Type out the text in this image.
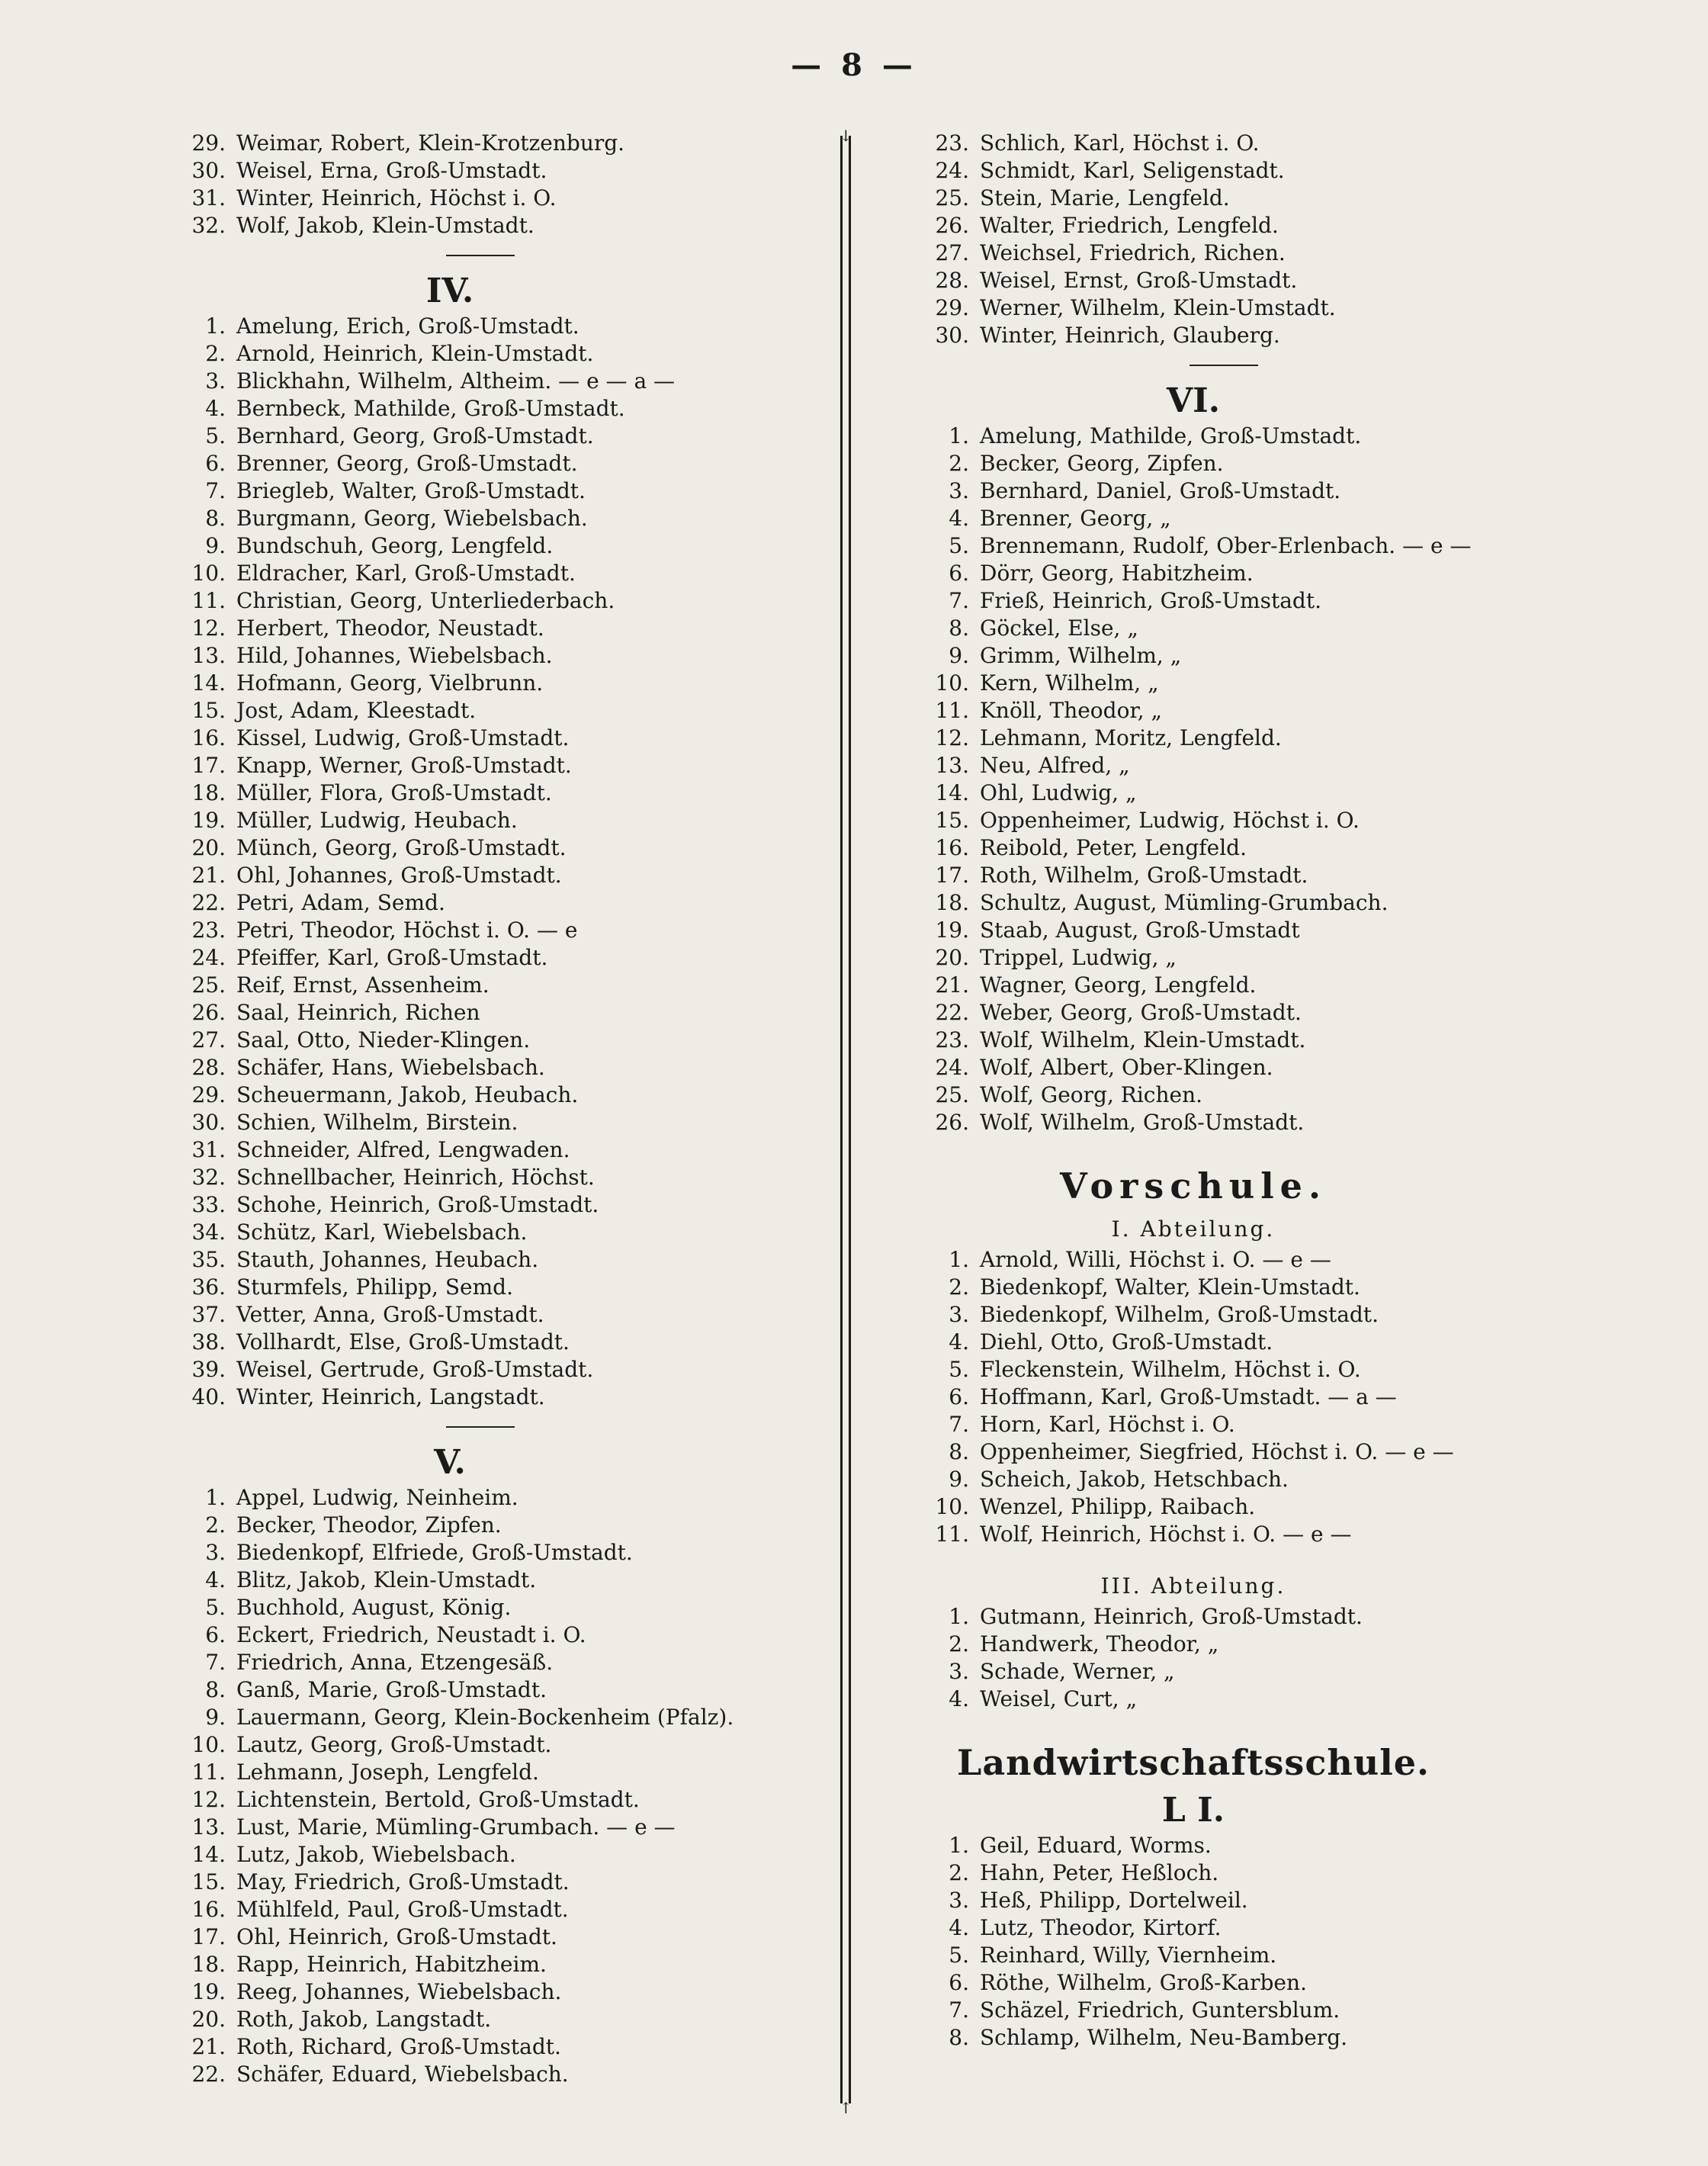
— 8 —
↓
↑
29. Weimar, Robert, Klein-Krotzenburg.
30. Weisel, Erna, Groß-Umstadt.
31. Winter, Heinrich, Höchst i. O.
32. Wolf, Jakob, Klein-Umstadt.
IV.
1. Amelung, Erich, Groß-Umstadt.
2. Arnold, Heinrich, Klein-Umstadt.
3. Blickhahn, Wilhelm, Altheim. — e — a —
4. Bernbeck, Mathilde, Groß-Umstadt.
5. Bernhard, Georg, Groß-Umstadt.
6. Brenner, Georg, Groß-Umstadt.
7. Briegleb, Walter, Groß-Umstadt.
8. Burgmann, Georg, Wiebelsbach.
9. Bundschuh, Georg, Lengfeld.
10. Eldracher, Karl, Groß-Umstadt.
11. Christian, Georg, Unterliederbach.
12. Herbert, Theodor, Neustadt.
13. Hild, Johannes, Wiebelsbach.
14. Hofmann, Georg, Vielbrunn.
15. Jost, Adam, Kleestadt.
16. Kissel, Ludwig, Groß-Umstadt.
17. Knapp, Werner, Groß-Umstadt.
18. Müller, Flora, Groß-Umstadt.
19. Müller, Ludwig, Heubach.
20. Münch, Georg, Groß-Umstadt.
21. Ohl, Johannes, Groß-Umstadt.
22. Petri, Adam, Semd.
23. Petri, Theodor, Höchst i. O. — e
24. Pfeiffer, Karl, Groß-Umstadt.
25. Reif, Ernst, Assenheim.
26. Saal, Heinrich, Richen
27. Saal, Otto, Nieder-Klingen.
28. Schäfer, Hans, Wiebelsbach.
29. Scheuermann, Jakob, Heubach.
30. Schien, Wilhelm, Birstein.
31. Schneider, Alfred, Lengwaden.
32. Schnellbacher, Heinrich, Höchst.
33. Schohe, Heinrich, Groß-Umstadt.
34. Schütz, Karl, Wiebelsbach.
35. Stauth, Johannes, Heubach.
36. Sturmfels, Philipp, Semd.
37. Vetter, Anna, Groß-Umstadt.
38. Vollhardt, Else, Groß-Umstadt.
39. Weisel, Gertrude, Groß-Umstadt.
40. Winter, Heinrich, Langstadt.
V.
1. Appel, Ludwig, Neinheim.
2. Becker, Theodor, Zipfen.
3. Biedenkopf, Elfriede, Groß-Umstadt.
4. Blitz, Jakob, Klein-Umstadt.
5. Buchhold, August, König.
6. Eckert, Friedrich, Neustadt i. O.
7. Friedrich, Anna, Etzengesäß.
8. Ganß, Marie, Groß-Umstadt.
9. Lauermann, Georg, Klein-Bockenheim (Pfalz).
10. Lautz, Georg, Groß-Umstadt.
11. Lehmann, Joseph, Lengfeld.
12. Lichtenstein, Bertold, Groß-Umstadt.
13. Lust, Marie, Mümling-Grumbach. — e —
14. Lutz, Jakob, Wiebelsbach.
15. May, Friedrich, Groß-Umstadt.
16. Mühlfeld, Paul, Groß-Umstadt.
17. Ohl, Heinrich, Groß-Umstadt.
18. Rapp, Heinrich, Habitzheim.
19. Reeg, Johannes, Wiebelsbach.
20. Roth, Jakob, Langstadt.
21. Roth, Richard, Groß-Umstadt.
22. Schäfer, Eduard, Wiebelsbach.
23. Schlich, Karl, Höchst i. O.
24. Schmidt, Karl, Seligenstadt.
25. Stein, Marie, Lengfeld.
26. Walter, Friedrich, Lengfeld.
27. Weichsel, Friedrich, Richen.
28. Weisel, Ernst, Groß-Umstadt.
29. Werner, Wilhelm, Klein-Umstadt.
30. Winter, Heinrich, Glauberg.
VI.
1. Amelung, Mathilde, Groß-Umstadt.
2. Becker, Georg, Zipfen.
3. Bernhard, Daniel, Groß-Umstadt.
4. Brenner, Georg, „
5. Brennemann, Rudolf, Ober-Erlenbach. — e —
6. Dörr, Georg, Habitzheim.
7. Frieß, Heinrich, Groß-Umstadt.
8. Göckel, Else, „
9. Grimm, Wilhelm, „
10. Kern, Wilhelm, „
11. Knöll, Theodor, „
12. Lehmann, Moritz, Lengfeld.
13. Neu, Alfred, „
14. Ohl, Ludwig, „
15. Oppenheimer, Ludwig, Höchst i. O.
16. Reibold, Peter, Lengfeld.
17. Roth, Wilhelm, Groß-Umstadt.
18. Schultz, August, Mümling-Grumbach.
19. Staab, August, Groß-Umstadt
20. Trippel, Ludwig, „
21. Wagner, Georg, Lengfeld.
22. Weber, Georg, Groß-Umstadt.
23. Wolf, Wilhelm, Klein-Umstadt.
24. Wolf, Albert, Ober-Klingen.
25. Wolf, Georg, Richen.
26. Wolf, Wilhelm, Groß-Umstadt.
Vorschule.
I. Abteilung.
1. Arnold, Willi, Höchst i. O. — e —
2. Biedenkopf, Walter, Klein-Umstadt.
3. Biedenkopf, Wilhelm, Groß-Umstadt.
4. Diehl, Otto, Groß-Umstadt.
5. Fleckenstein, Wilhelm, Höchst i. O.
6. Hoffmann, Karl, Groß-Umstadt. — a —
7. Horn, Karl, Höchst i. O.
8. Oppenheimer, Siegfried, Höchst i. O. — e —
9. Scheich, Jakob, Hetschbach.
10. Wenzel, Philipp, Raibach.
11. Wolf, Heinrich, Höchst i. O. — e —
III. Abteilung.
1. Gutmann, Heinrich, Groß-Umstadt.
2. Handwerk, Theodor, „
3. Schade, Werner, „
4. Weisel, Curt, „
Landwirtschaftsschule.
L I.
1. Geil, Eduard, Worms.
2. Hahn, Peter, Heßloch.
3. Heß, Philipp, Dortelweil.
4. Lutz, Theodor, Kirtorf.
5. Reinhard, Willy, Viernheim.
6. Röthe, Wilhelm, Groß-Karben.
7. Schäzel, Friedrich, Guntersblum.
8. Schlamp, Wilhelm, Neu-Bamberg.
